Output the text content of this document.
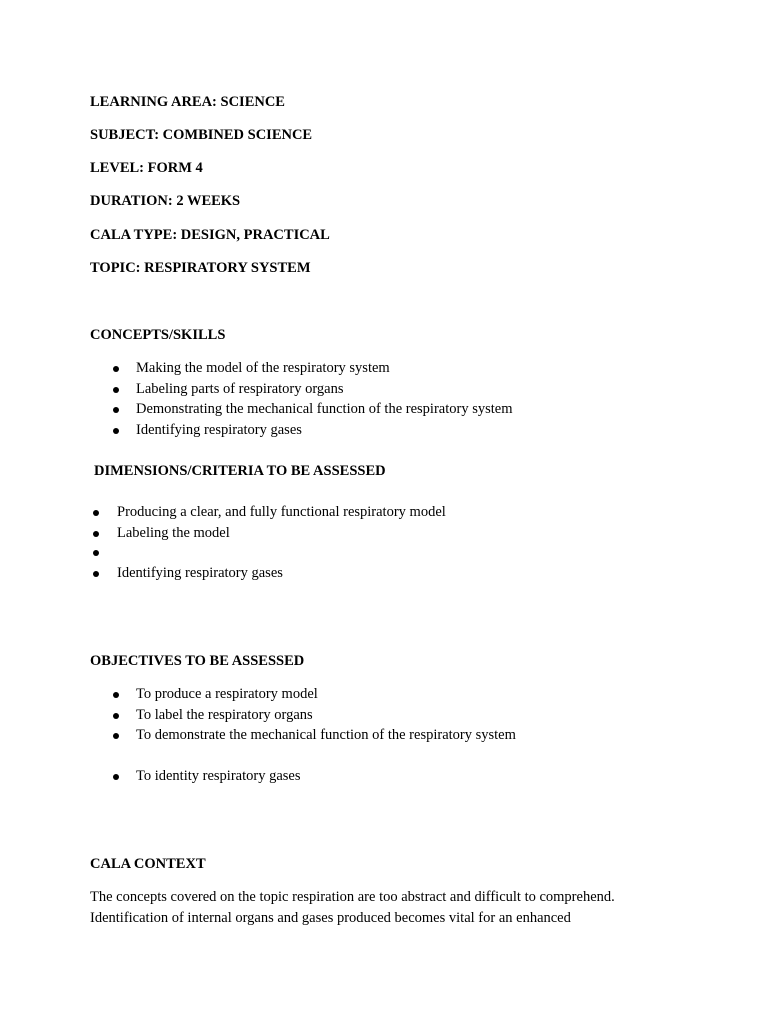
LEARNING AREA: SCIENCE
SUBJECT: COMBINED SCIENCE
LEVEL: FORM 4
DURATION: 2 WEEKS
CALA TYPE: DESIGN, PRACTICAL
TOPIC: RESPIRATORY SYSTEM
CONCEPTS/SKILLS
Making the model of the respiratory system
Labeling parts of respiratory organs
Demonstrating the mechanical function of the respiratory system
Identifying respiratory gases
DIMENSIONS/CRITERIA TO BE ASSESSED
Producing a clear, and fully functional respiratory model
Labeling the model
Identifying respiratory gases
OBJECTIVES TO BE ASSESSED
To produce a respiratory model
To label the respiratory organs
To demonstrate the mechanical function of the respiratory system
To identity respiratory gases
CALA CONTEXT
The concepts covered on the topic respiration are too abstract and difficult to comprehend. Identification of internal organs and gases produced becomes vital for an enhanced
